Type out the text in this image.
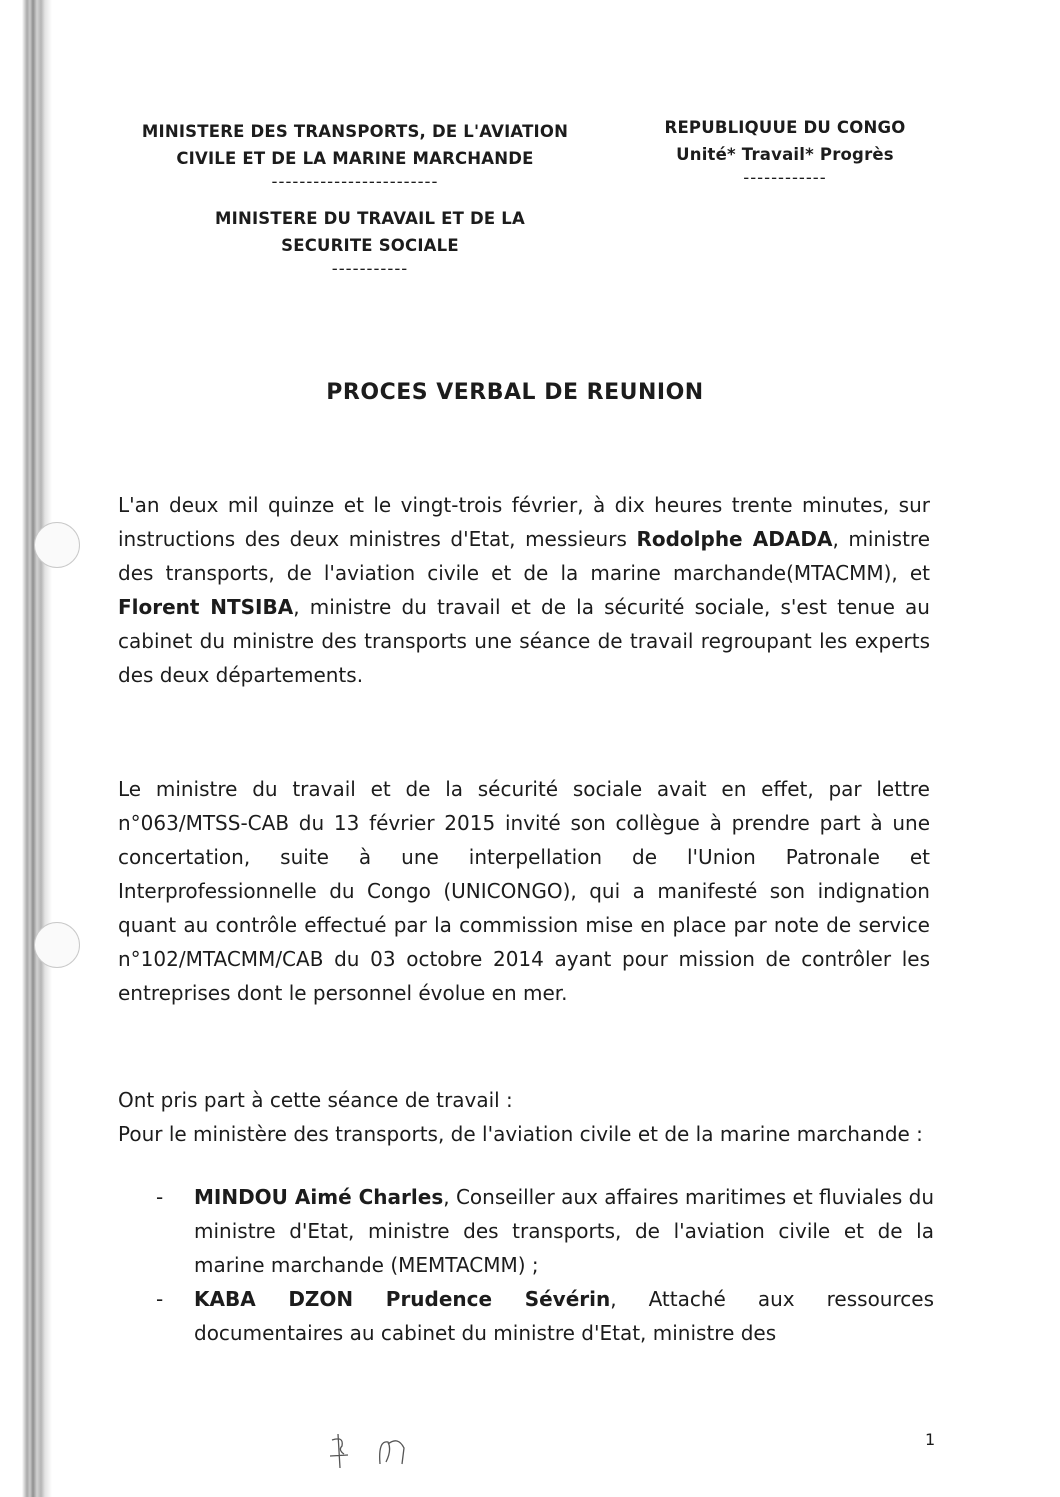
MINISTERE DES TRANSPORTS, DE L'AVIATION
CIVILE ET DE LA MARINE MARCHANDE
------------------------
MINISTERE DU TRAVAIL ET DE LA
SECURITE SOCIALE
-----------
REPUBLIQUUE DU CONGO
Unité* Travail* Progrès
------------
PROCES VERBAL DE REUNION

L'an deux mil quinze et le vingt-trois février, à dix heures trente minutes, sur instructions des deux ministres d'Etat, messieurs Rodolphe ADADA, ministre des transports, de l'aviation civile et de la marine marchande(MTACMM), et Florent NTSIBA, ministre du travail et de la sécurité sociale, s'est tenue au cabinet du ministre des transports une séance de travail regroupant les experts des deux départements.

Le ministre du travail et de la sécurité sociale avait en effet, par lettre n°063/MTSS-CAB du 13 février 2015 invité son collègue à prendre part à une concertation, suite à une interpellation de l'Union Patronale et Interprofessionnelle du Congo (UNICONGO), qui a manifesté son indignation quant au contrôle effectué par la commission mise en place par note de service n°102/MTACMM/CAB du 03 octobre 2014 ayant pour mission de contrôler les entreprises dont le personnel évolue en mer.

Ont pris part à cette séance de travail :
Pour le ministère des transports, de l'aviation civile et de la marine marchande :

- MINDOU Aimé Charles, Conseiller aux affaires maritimes et fluviales du ministre d'Etat, ministre des transports, de l'aviation civile et de la marine marchande (MEMTACMM) ;
- KABA DZON Prudence Sévérin, Attaché aux ressources documentaires au cabinet du ministre d'Etat, ministre des
1
